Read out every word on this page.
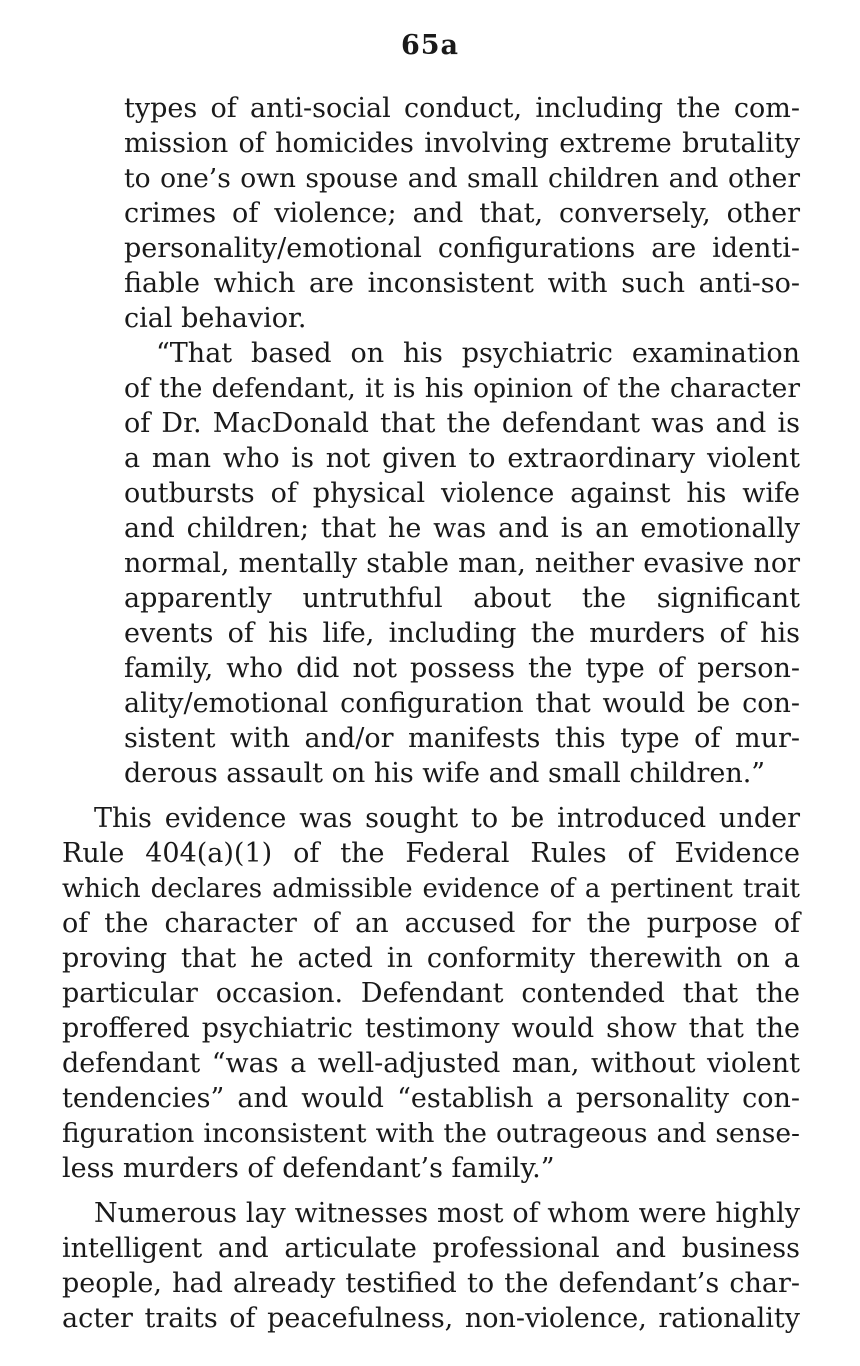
65a
types of anti-social conduct, including the com-
mission of homicides involving extreme brutality
to one’s own spouse and small children and other
crimes of violence; and that, conversely, other
personality/emotional configurations are identi-
fiable which are inconsistent with such anti-so-
cial behavior.
“That based on his psychiatric examination
of the defendant, it is his opinion of the character
of Dr. MacDonald that the defendant was and is
a man who is not given to extraordinary violent
outbursts of physical violence against his wife
and children; that he was and is an emotionally
normal, mentally stable man, neither evasive nor
apparently untruthful about the significant
events of his life, including the murders of his
family, who did not possess the type of person-
ality/emotional configuration that would be con-
sistent with and/or manifests this type of mur-
derous assault on his wife and small children.”
This evidence was sought to be introduced under
Rule 404(a)(1) of the Federal Rules of Evidence
which declares admissible evidence of a pertinent trait
of the character of an accused for the purpose of
proving that he acted in conformity therewith on a
particular occasion. Defendant contended that the
proffered psychiatric testimony would show that the
defendant “was a well-adjusted man, without violent
tendencies” and would “establish a personality con-
figuration inconsistent with the outrageous and sense-
less murders of defendant’s family.”
Numerous lay witnesses most of whom were highly
intelligent and articulate professional and business
people, had already testified to the defendant’s char-
acter traits of peacefulness, non-violence, rationality
